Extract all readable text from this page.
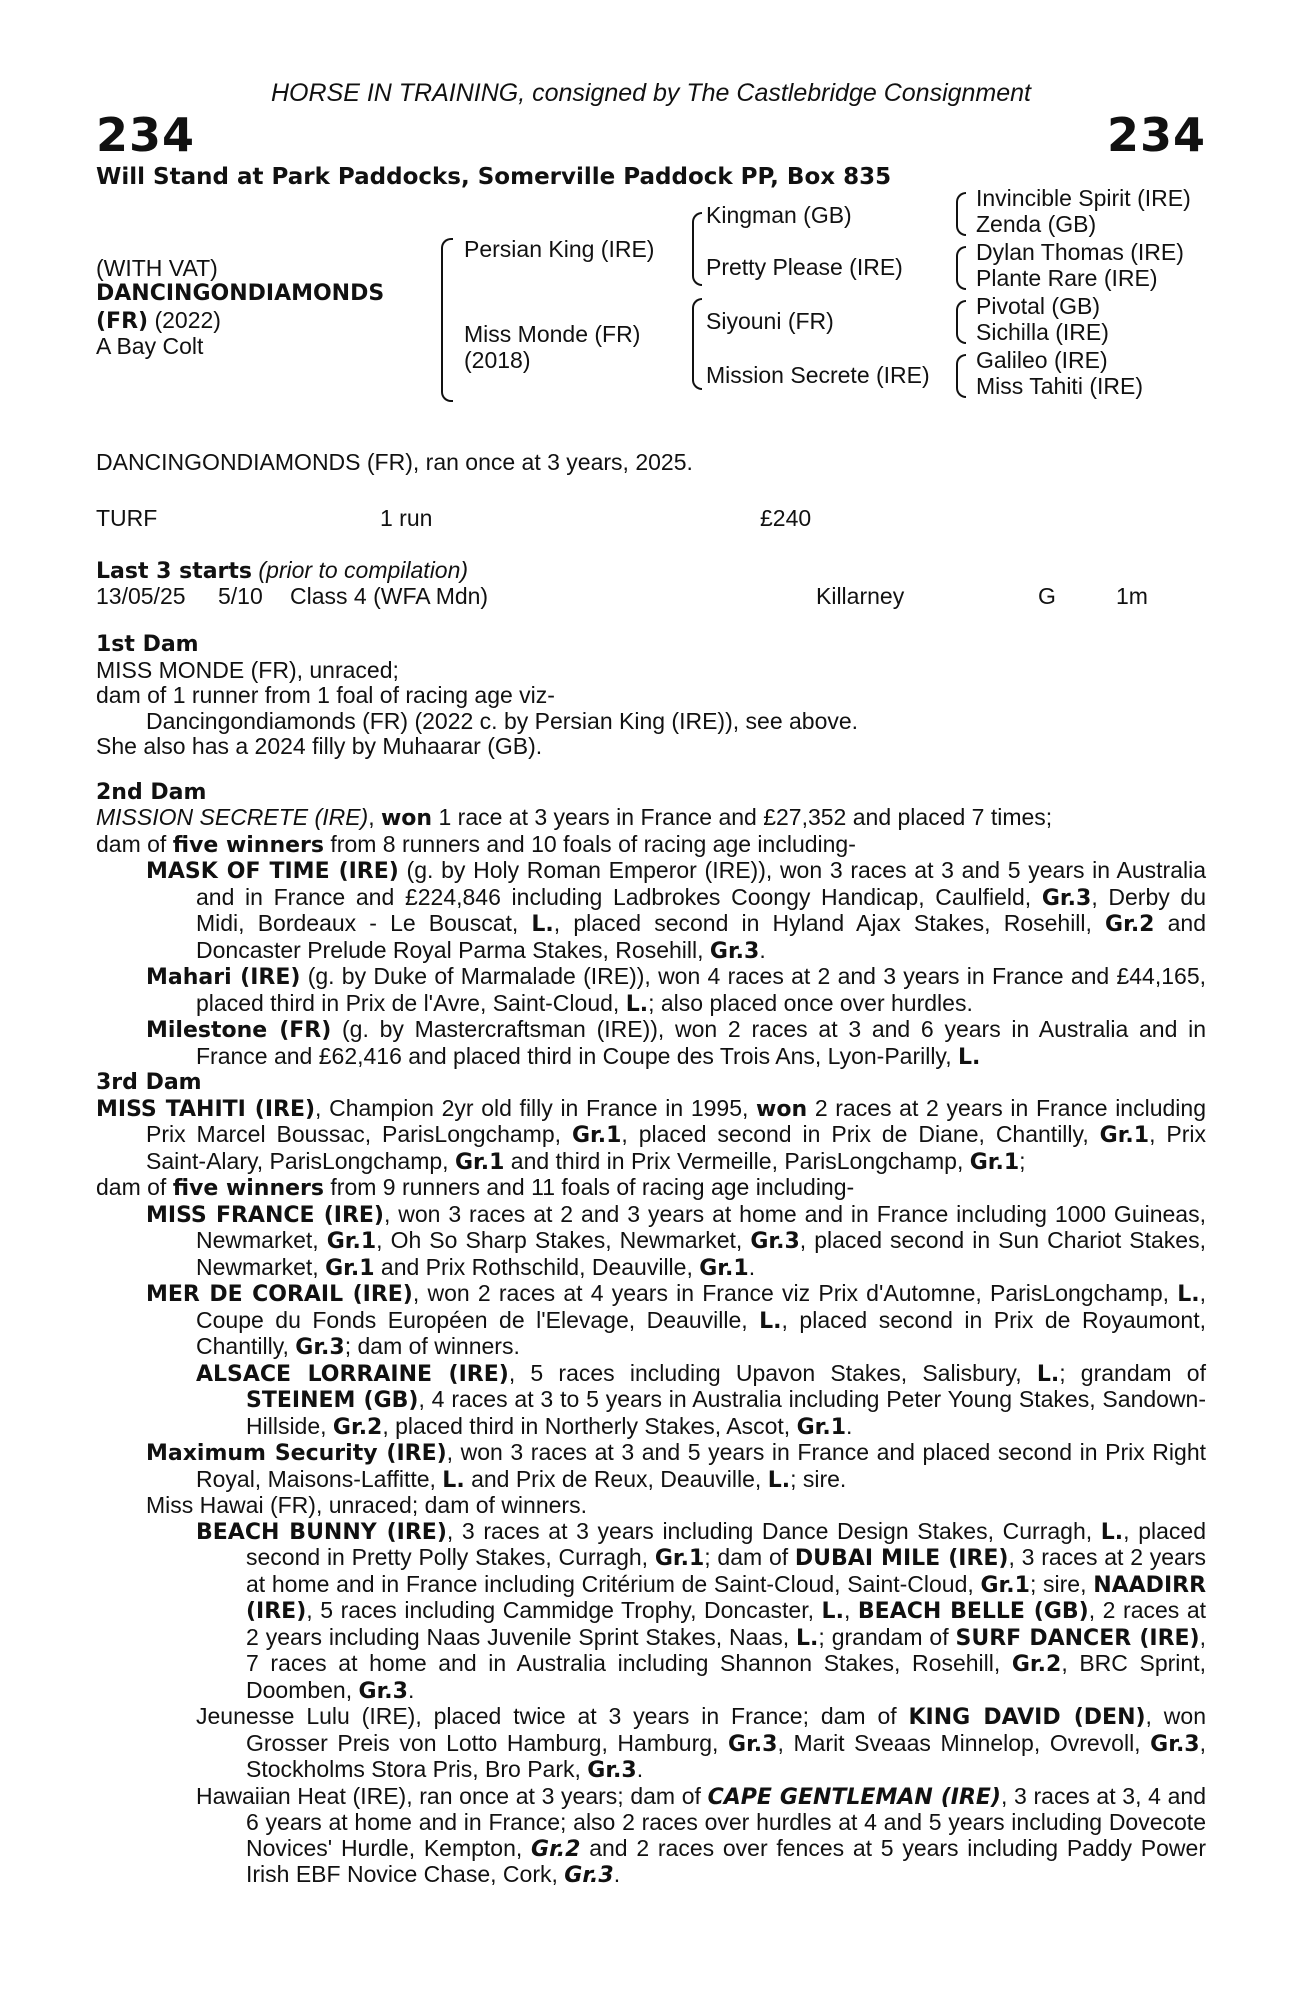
HORSE IN TRAINING, consigned by The Castlebridge Consignment
234	234
Will Stand at Park Paddocks, Somerville Paddock PP, Box 835
(WITH VAT)
DANCINGONDIAMONDS
(FR) (2022)
A Bay Colt
Persian King (IRE)
Miss Monde (FR)
(2018)
Kingman (GB)
Pretty Please (IRE)
Siyouni (FR)
Mission Secrete (IRE)
Invincible Spirit (IRE)
Zenda (GB)
Dylan Thomas (IRE)
Plante Rare (IRE)
Pivotal (GB)
Sichilla (IRE)
Galileo (IRE)
Miss Tahiti (IRE)

DANCINGONDIAMONDS (FR), ran once at 3 years, 2025.

TURF	1 run	£240

Last 3 starts (prior to compilation)

13/05/25 5/10 Class 4 (WFA Mdn)	Killarney	G	1m

1st Dam

MISS MONDE (FR), unraced;

dam of 1 runner from 1 foal of racing age viz-

Dancingondiamonds (FR) (2022 c. by Persian King (IRE)), see above.

She also has a 2024 filly by Muhaarar (GB).

2nd Dam

MISSION SECRETE (IRE), won 1 race at 3 years in France and £27,352 and placed 7 times;

dam of five winners from 8 runners and 10 foals of racing age including-

MASK OF TIME (IRE) (g. by Holy Roman Emperor (IRE)), won 3 races at 3 and 5 years in Australia and in France and £224,846 including Ladbrokes Coongy Handicap, Caulfield, Gr.3, Derby du Midi, Bordeaux - Le Bouscat, L., placed second in Hyland Ajax Stakes, Rosehill, Gr.2 and Doncaster Prelude Royal Parma Stakes, Rosehill, Gr.3.

Mahari (IRE) (g. by Duke of Marmalade (IRE)), won 4 races at 2 and 3 years in France and £44,165, placed third in Prix de l'Avre, Saint-Cloud, L.; also placed once over hurdles.

Milestone (FR) (g. by Mastercraftsman (IRE)), won 2 races at 3 and 6 years in Australia and in France and £62,416 and placed third in Coupe des Trois Ans, Lyon-Parilly, L.

3rd Dam

MISS TAHITI (IRE), Champion 2yr old filly in France in 1995, won 2 races at 2 years in France including Prix Marcel Boussac, ParisLongchamp, Gr.1, placed second in Prix de Diane, Chantilly, Gr.1, Prix Saint-Alary, ParisLongchamp, Gr.1 and third in Prix Vermeille, ParisLongchamp, Gr.1;

dam of five winners from 9 runners and 11 foals of racing age including-

MISS FRANCE (IRE), won 3 races at 2 and 3 years at home and in France including 1000 Guineas, Newmarket, Gr.1, Oh So Sharp Stakes, Newmarket, Gr.3, placed second in Sun Chariot Stakes, Newmarket, Gr.1 and Prix Rothschild, Deauville, Gr.1.

MER DE CORAIL (IRE), won 2 races at 4 years in France viz Prix d'Automne, ParisLongchamp, L., Coupe du Fonds Européen de l'Elevage, Deauville, L., placed second in Prix de Royaumont, Chantilly, Gr.3; dam of winners.

ALSACE LORRAINE (IRE), 5 races including Upavon Stakes, Salisbury, L.; grandam of STEINEM (GB), 4 races at 3 to 5 years in Australia including Peter Young Stakes, Sandown-Hillside, Gr.2, placed third in Northerly Stakes, Ascot, Gr.1.

Maximum Security (IRE), won 3 races at 3 and 5 years in France and placed second in Prix Right Royal, Maisons-Laffitte, L. and Prix de Reux, Deauville, L.; sire.

Miss Hawai (FR), unraced; dam of winners.

BEACH BUNNY (IRE), 3 races at 3 years including Dance Design Stakes, Curragh, L., placed second in Pretty Polly Stakes, Curragh, Gr.1; dam of DUBAI MILE (IRE), 3 races at 2 years at home and in France including Critérium de Saint-Cloud, Saint-Cloud, Gr.1; sire, NAADIRR (IRE), 5 races including Cammidge Trophy, Doncaster, L., BEACH BELLE (GB), 2 races at 2 years including Naas Juvenile Sprint Stakes, Naas, L.; grandam of SURF DANCER (IRE), 7 races at home and in Australia including Shannon Stakes, Rosehill, Gr.2, BRC Sprint, Doomben, Gr.3.

Jeunesse Lulu (IRE), placed twice at 3 years in France; dam of KING DAVID (DEN), won Grosser Preis von Lotto Hamburg, Hamburg, Gr.3, Marit Sveaas Minnelop, Ovrevoll, Gr.3, Stockholms Stora Pris, Bro Park, Gr.3.

Hawaiian Heat (IRE), ran once at 3 years; dam of CAPE GENTLEMAN (IRE), 3 races at 3, 4 and 6 years at home and in France; also 2 races over hurdles at 4 and 5 years including Dovecote Novices' Hurdle, Kempton, Gr.2 and 2 races over fences at 5 years including Paddy Power Irish EBF Novice Chase, Cork, Gr.3.
